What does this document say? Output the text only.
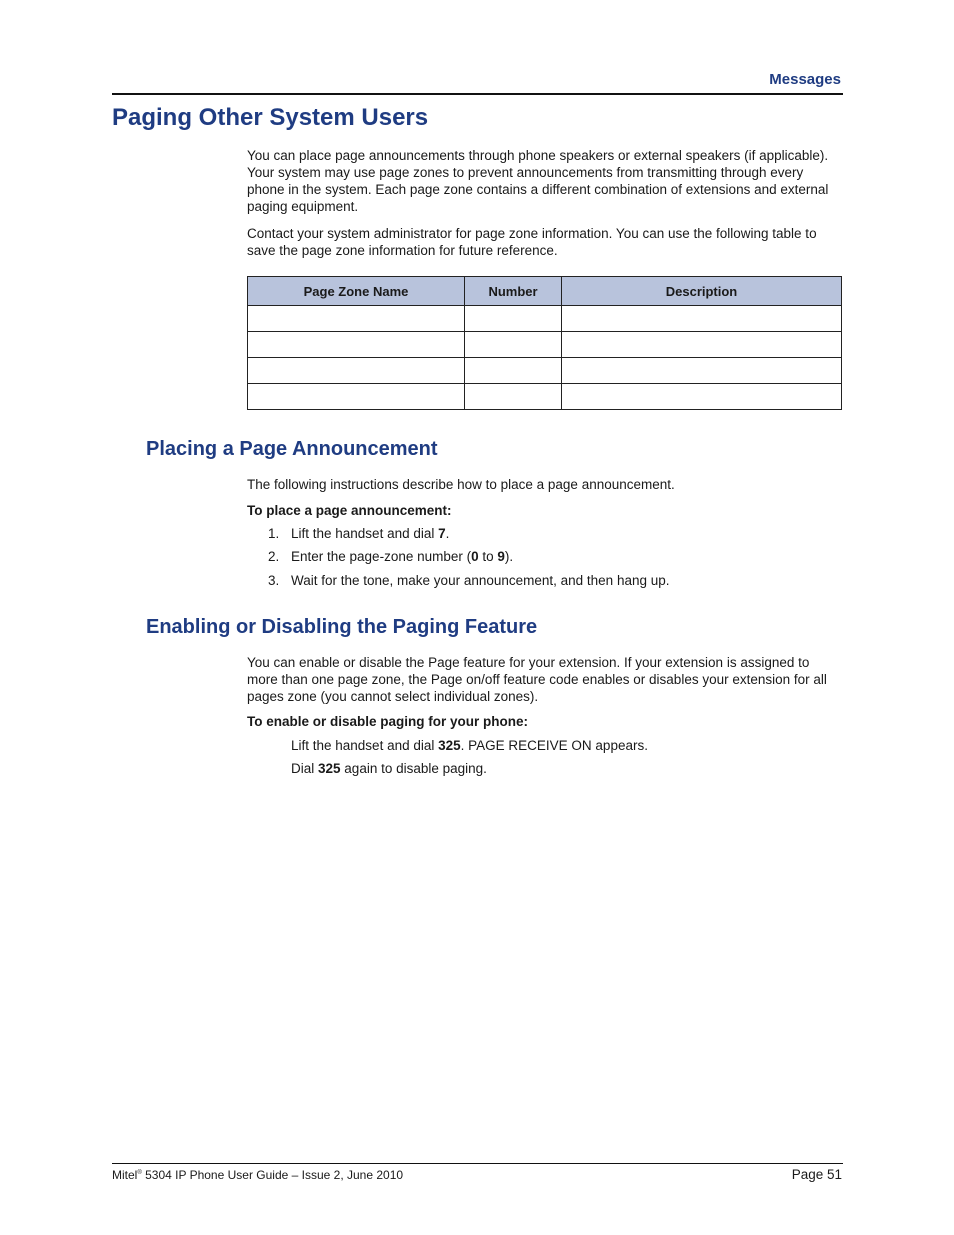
Messages
Paging Other System Users

You can place page announcements through phone speakers or external speakers (if applicable). Your system may use page zones to prevent announcements from transmitting through every phone in the system. Each page zone contains a different combination of extensions and external paging equipment.

Contact your system administrator for page zone information. You can use the following table to save the page zone information for future reference.

Page Zone Name	Number	Description

Placing a Page Announcement

The following instructions describe how to place a page announcement.

To place a page announcement:

1. Lift the handset and dial 7.

2. Enter the page-zone number (0 to 9).

3. Wait for the tone, make your announcement, and then hang up.

Enabling or Disabling the Paging Feature

You can enable or disable the Page feature for your extension. If your extension is assigned to more than one page zone, the Page on/off feature code enables or disables your extension for all pages zone (you cannot select individual zones).

To enable or disable paging for your phone:

Lift the handset and dial 325. PAGE RECEIVE ON appears.

Dial 325 again to disable paging.

Mitel® 5304 IP Phone User Guide – Issue 2, June 2010	Page 51
